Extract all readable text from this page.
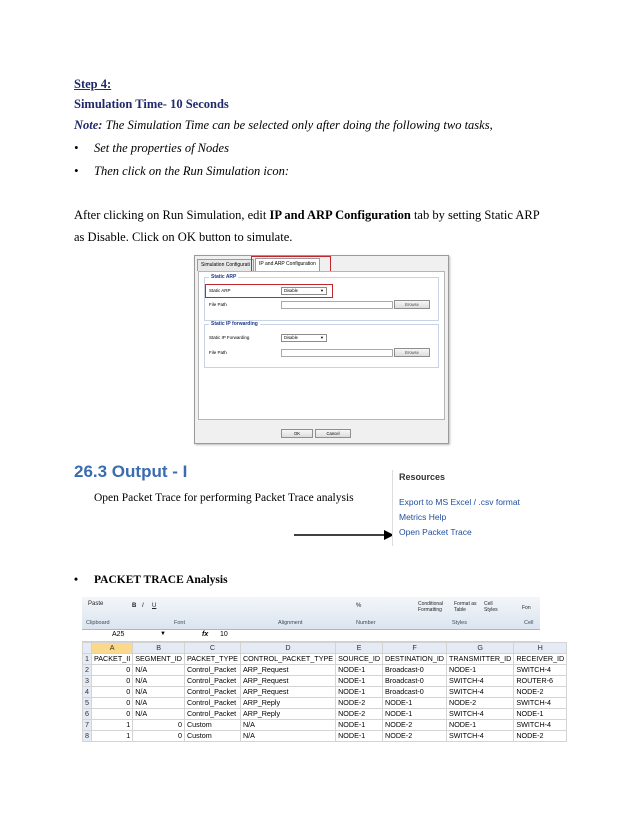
Step 4:
Simulation Time- 10 Seconds
Note: The Simulation Time can be selected only after doing the following two tasks,
• Set the properties of Nodes
• Then click on the Run Simulation icon:
After clicking on Run Simulation, edit IP and ARP Configuration tab by setting Static ARP
as Disable. Click on OK button to simulate.
Simulation Configurati	IP and ARP Configuration
Static ARP
Static ARP	Disable	▼
File Path	Browse
Static IP forwarding
Static IP Forwarding	Disable	▼
File Path	Browse
OK	Cancel
26.3 Output - I
Open Packet Trace for performing Packet Trace analysis
Resources
Export to MS Excel / .csv format
Metrics Help
Open Packet Trace
• PACKET TRACE Analysis
Paste	B I U	%	Conditional Formatting
Format as Table
Cell Styles	Fon
Clipboard	Font	Alignment	Number	Styles	Cell
A25	▼	fx 10
	A	B	C	D	E	F	G	H
1	PACKET_II	SEGMENT_ID	PACKET_TYPE	CONTROL_PACKET_TYPE	SOURCE_ID	DESTINATION_ID	TRANSMITTER_ID	RECEIVER_ID
2	0	N/A	Control_Packet	ARP_Request	NODE-1	Broadcast-0	NODE-1	SWITCH-4
3	0	N/A	Control_Packet	ARP_Request	NODE-1	Broadcast-0	SWITCH-4	ROUTER-6
4	0	N/A	Control_Packet	ARP_Request	NODE-1	Broadcast-0	SWITCH-4	NODE-2
5	0	N/A	Control_Packet	ARP_Reply	NODE-2	NODE-1	NODE-2	SWITCH-4
6	0	N/A	Control_Packet	ARP_Reply	NODE-2	NODE-1	SWITCH-4	NODE-1
7	1	0	Custom	N/A	NODE-1	NODE-2	NODE-1	SWITCH-4
8	1	0	Custom	N/A	NODE-1	NODE-2	SWITCH-4	NODE-2
